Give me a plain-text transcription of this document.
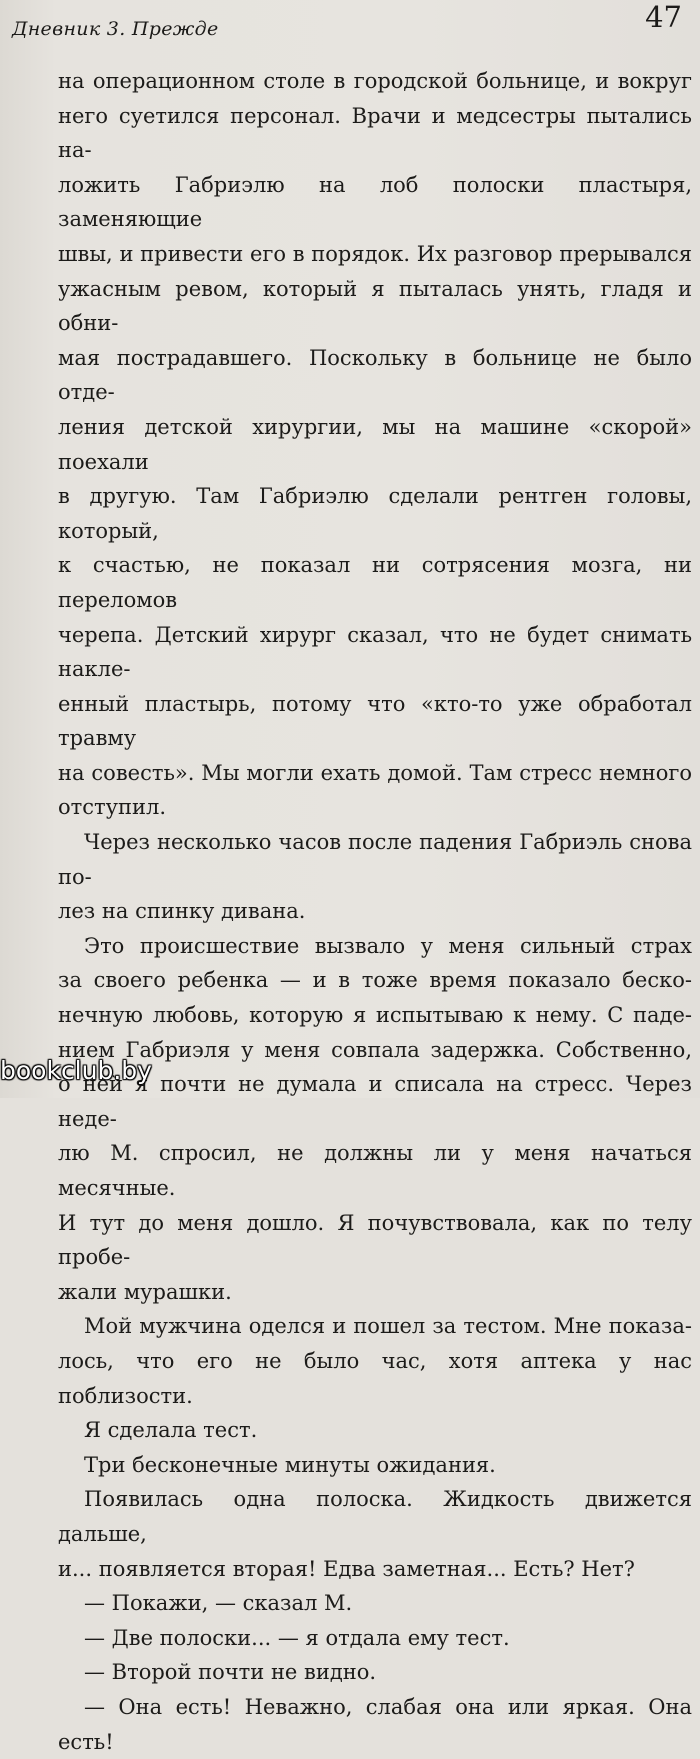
Дневник 3. Прежде	47

на операционном столе в городской больнице, и вокруг

него суетился персонал. Врачи и медсестры пытались на-

ложить Габриэлю на лоб полоски пластыря, заменяющие

швы, и привести его в порядок. Их разговор прерывался

ужасным ревом, который я пыталась унять, гладя и обни-

мая пострадавшего. Поскольку в больнице не было отде-

ления детской хирургии, мы на машине «скорой» поехали

в другую. Там Габриэлю сделали рентген головы, который,

к счастью, не показал ни сотрясения мозга, ни переломов

черепа. Детский хирург сказал, что не будет снимать накле-

енный пластырь, потому что «кто-то уже обработал травму

на совесть». Мы могли ехать домой. Там стресс немного

отступил.

Через несколько часов после падения Габриэль снова по-

лез на спинку дивана.

Это происшествие вызвало у меня сильный страх

за своего ребенка — и в тоже время показало беско-

нечную любовь, которую я испытываю к нему. С паде-

нием Габриэля у меня совпала задержка. Собственно,

о ней я почти не думала и списала на стресс. Через неде-

лю М. спросил, не должны ли у меня начаться месячные.

И тут до меня дошло. Я почувствовала, как по телу пробе-

жали мурашки.

Мой мужчина оделся и пошел за тестом. Мне показа-

лось, что его не было час, хотя аптека у нас поблизости.

Я сделала тест.

Три бесконечные минуты ожидания.

Появилась одна полоска. Жидкость движется дальше,

и... появляется вторая! Едва заметная... Есть? Нет?

— Покажи, — сказал М.

— Две полоски... — я отдала ему тест.

— Второй почти не видно.

— Она есть! Неважно, слабая она или яркая. Она есть!

bookclub.by
